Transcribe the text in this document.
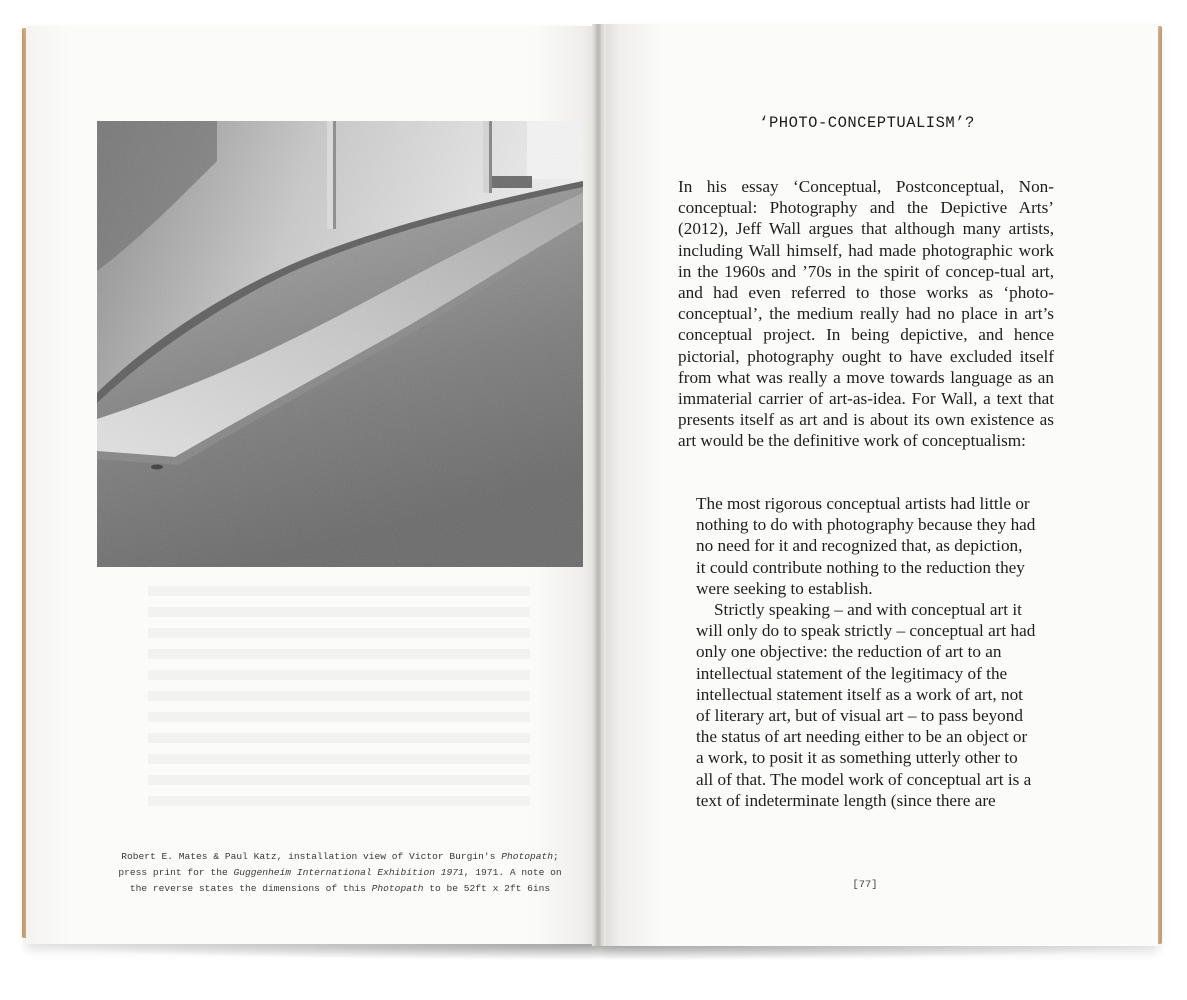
Robert E. Mates & Paul Katz, installation view of Victor Burgin's Photopath;
press print for the Guggenheim International Exhibition 1971, 1971. A note on
the reverse states the dimensions of this Photopath to be 52ft x 2ft 6ins
‘PHOTO-CONCEPTUALISM’?
In his essay ‘Conceptual, Postconceptual, Non-conceptual: Photography and the Depictive Arts’ (2012), Jeff Wall argues that although many artists, including Wall himself, had made photographic work in the 1960s and ’70s in the spirit of concep-tual art, and had even referred to those works as ‘photo-conceptual’, the medium really had no place in art’s conceptual project. In being depictive, and hence pictorial, photography ought to have excluded itself from what was really a move towards language as an immaterial carrier of art-as-idea. For Wall, a text that presents itself as art and is about its own existence as art would be the definitive work of conceptualism:

The most rigorous conceptual artists had little or nothing to do with photography because they had no need for it and recognized that, as depiction, it could contribute nothing to the reduction they were seeking to establish.

Strictly speaking – and with conceptual art it will only do to speak strictly – conceptual art had only one objective: the reduction of art to an intellectual statement of the legitimacy of the intellectual statement itself as a work of art, not of literary art, but of visual art – to pass beyond the status of art needing either to be an object or a work, to posit it as something utterly other to all of that. The model work of conceptual art is a text of indeterminate length (since there are

[77]
